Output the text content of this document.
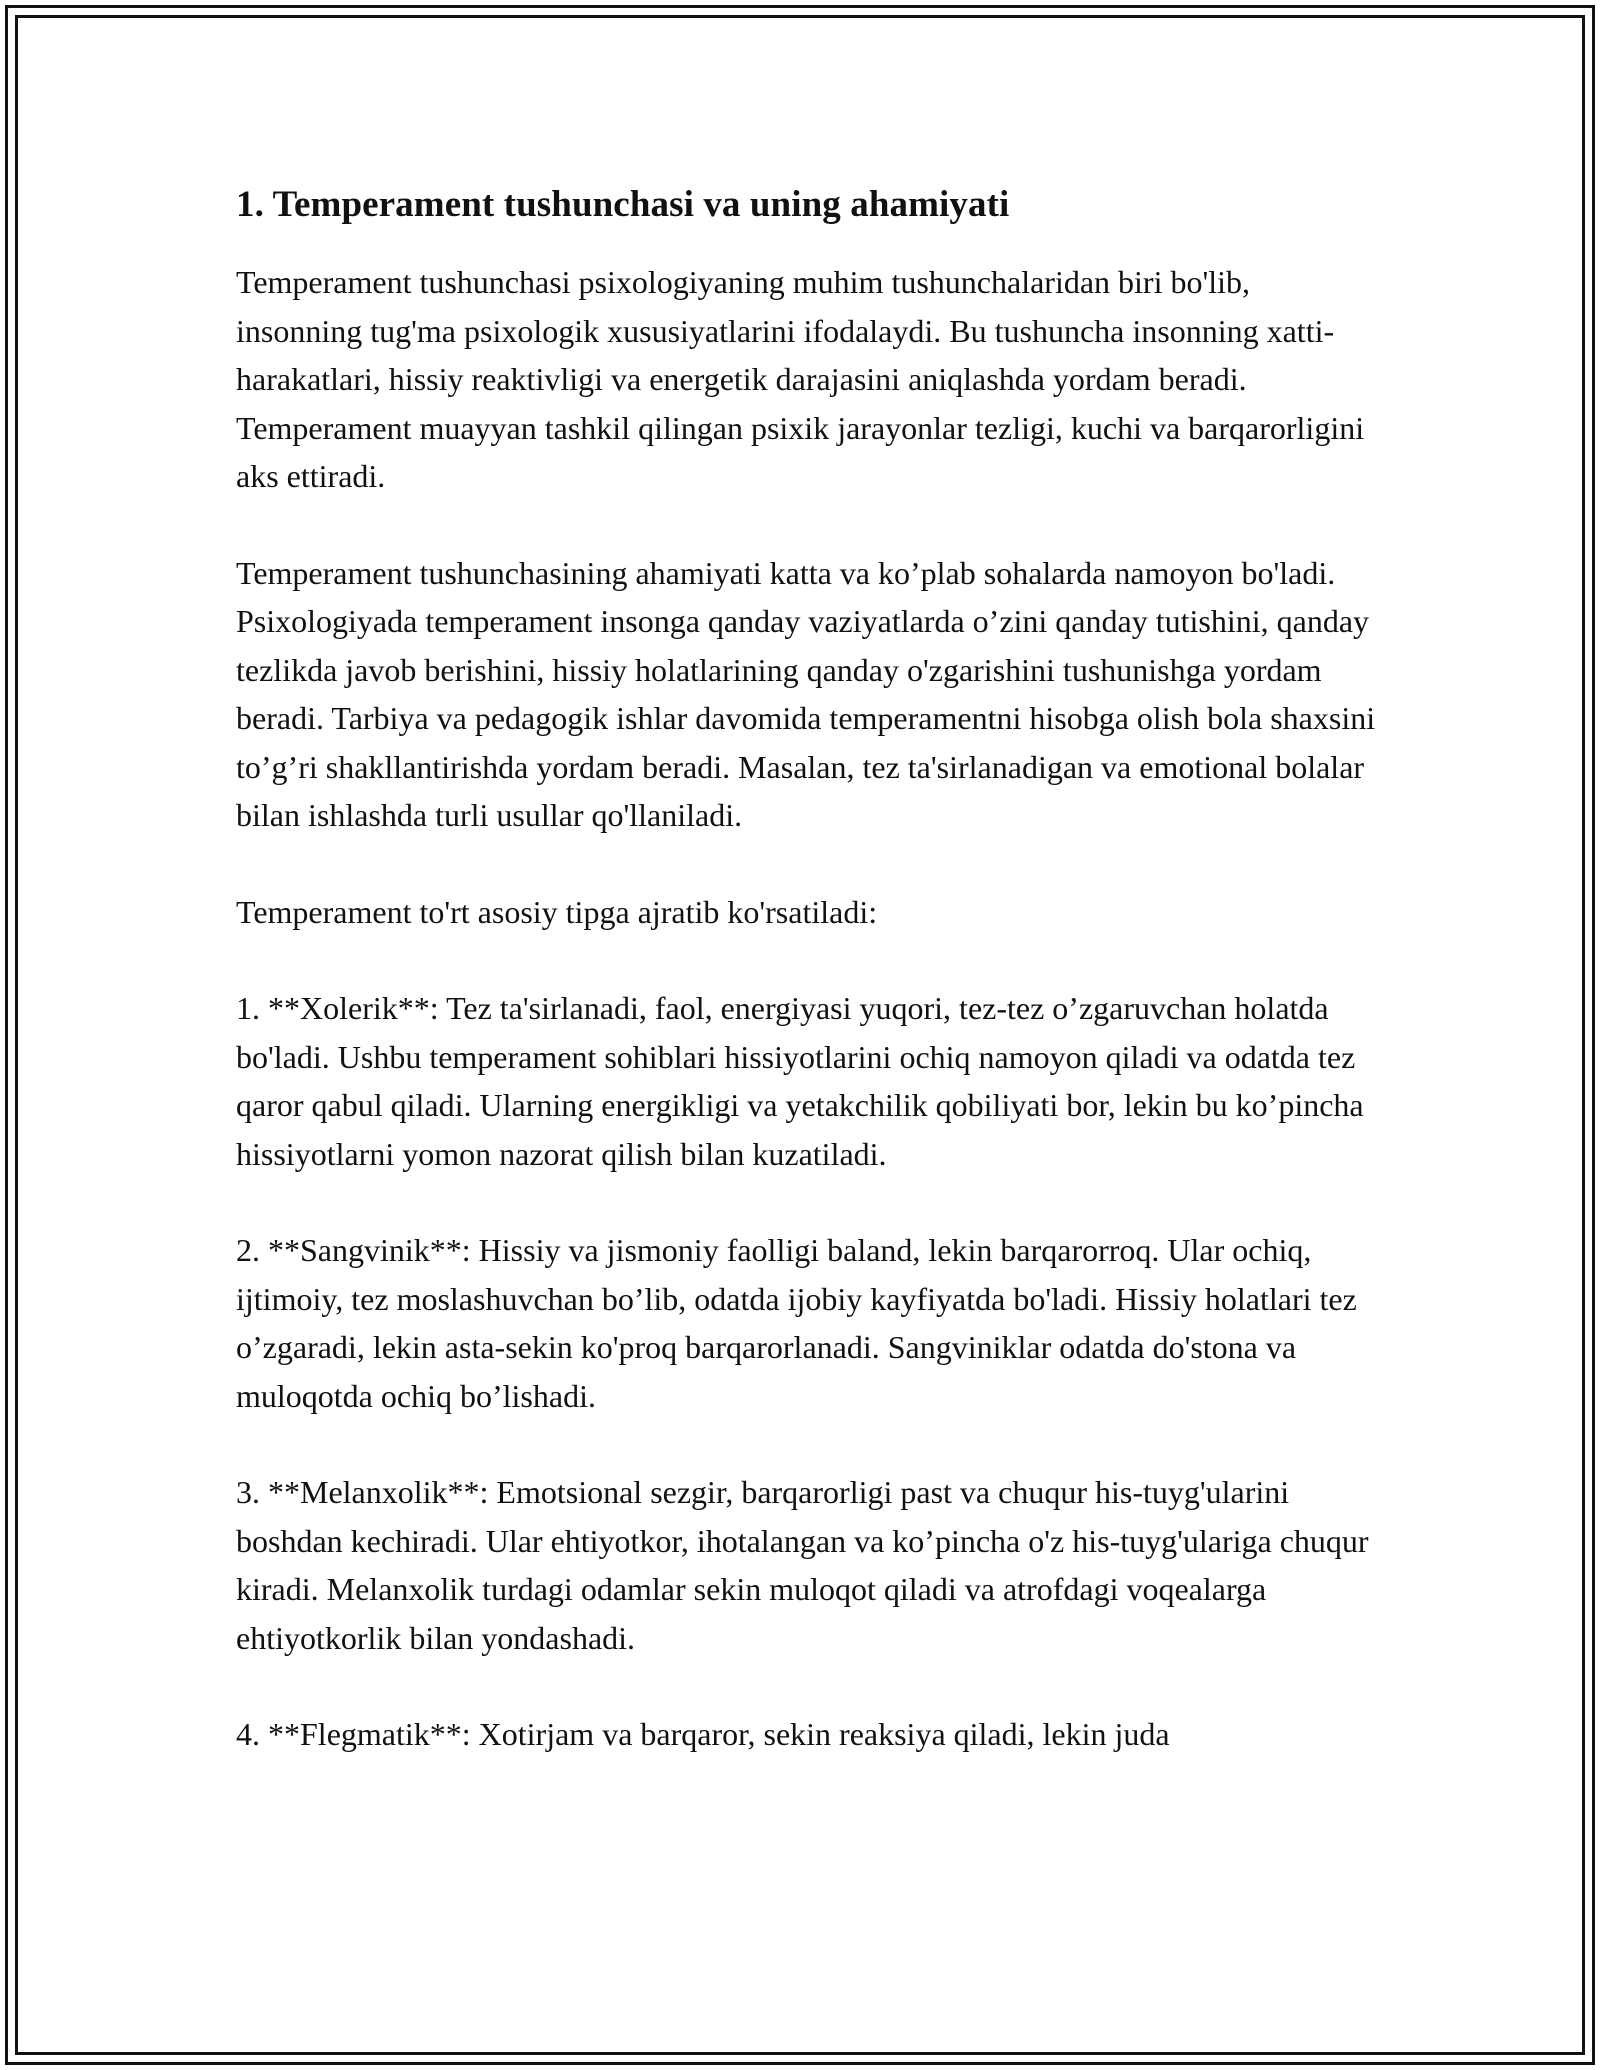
1. Temperament tushunchasi va uning ahamiyati

Temperament tushunchasi psixologiyaning muhim tushunchalaridan biri bo'lib, insonning tug'ma psixologik xususiyatlarini ifodalaydi. Bu tushuncha insonning xatti-harakatlari, hissiy reaktivligi va energetik darajasini aniqlashda yordam beradi. Temperament muayyan tashkil qilingan psixik jarayonlar tezligi, kuchi va barqarorligini aks ettiradi.

Temperament tushunchasining ahamiyati katta va ko’plab sohalarda namoyon bo'ladi. Psixologiyada temperament insonga qanday vaziyatlarda o’zini qanday tutishini, qanday tezlikda javob berishini, hissiy holatlarining qanday o'zgarishini tushunishga yordam beradi. Tarbiya va pedagogik ishlar davomida temperamentni hisobga olish bola shaxsini to’g’ri shakllantirishda yordam beradi. Masalan, tez ta'sirlanadigan va emotional bolalar bilan ishlashda turli usullar qo'llaniladi.

Temperament to'rt asosiy tipga ajratib ko'rsatiladi:

1. **Xolerik**: Tez ta'sirlanadi, faol, energiyasi yuqori, tez-tez o’zgaruvchan holatda bo'ladi. Ushbu temperament sohiblari hissiyotlarini ochiq namoyon qiladi va odatda tez qaror qabul qiladi. Ularning energikligi va yetakchilik qobiliyati bor, lekin bu ko’pincha hissiyotlarni yomon nazorat qilish bilan kuzatiladi.

2. **Sangvinik**: Hissiy va jismoniy faolligi baland, lekin barqarorroq. Ular ochiq, ijtimoiy, tez moslashuvchan bo’lib, odatda ijobiy kayfiyatda bo'ladi. Hissiy holatlari tez o’zgaradi, lekin asta-sekin ko'proq barqarorlanadi. Sangviniklar odatda do'stona va muloqotda ochiq bo’lishadi.

3. **Melanxolik**: Emotsional sezgir, barqarorligi past va chuqur his-tuyg'ularini boshdan kechiradi. Ular ehtiyotkor, ihotalangan va ko’pincha o'z his-tuyg'ulariga chuqur kiradi. Melanxolik turdagi odamlar sekin muloqot qiladi va atrofdagi voqealarga ehtiyotkorlik bilan yondashadi.

4. **Flegmatik**: Xotirjam va barqaror, sekin reaksiya qiladi, lekin juda
